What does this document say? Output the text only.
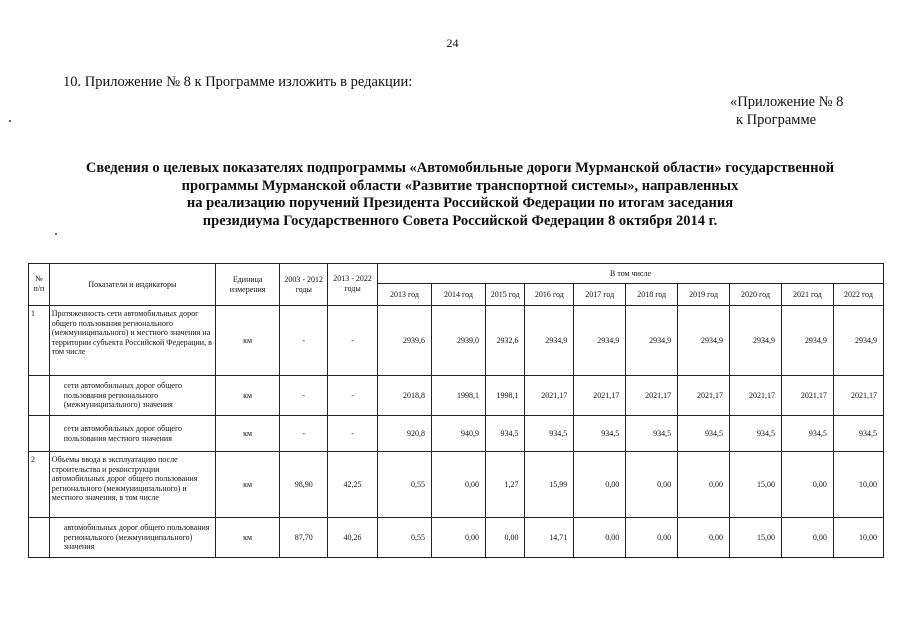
24
10. Приложение № 8 к Программе изложить в редакции:
«Приложение № 8
к Программе
Сведения о целевых показателях подпрограммы «Автомобильные дороги Мурманской области» государственной
программы Мурманской области «Развитие транспортной системы», направленных
на реализацию поручений Президента Российской Федерации по итогам заседания
президиума Государственного Совета Российской Федерации 8 октября 2014 г.
№ п/п	Показатели и индикаторы	Единица измерения	2003 - 2012 годы	2013 - 2022 годы	В том числе									
					2013 год	2014 год	2015 год	2016 год	2017 год	2018 год	2019 год	2020 год	2021 год	2022 год
1	Протяженность сети автомобильных дорог общего пользования регионального (межмуниципального) и местного значения на территории субъекта Российской Федерации, в том числе	км	-	-	2939,6	2939,0	2932,6	2934,9	2934,9	2934,9	2934,9	2934,9	2934,9	2934,9
	сети автомобильных дорог общего пользования регионального (межмуниципального) значения	км	-	-	2018,8	1998,1	1998,1	2021,17	2021,17	2021,17	2021,17	2021,17	2021,17	2021,17
	сети автомобильных дорог общего пользования местного значения	км	-	-	920,8	940,9	934,5	934,5	934,5	934,5	934,5	934,5	934,5	934,5
2	Объемы ввода в эксплуатацию после строительства и реконструкции автомобильных дорог общего пользования регионального (межмуниципального) и местного значения, в том числе	км	98,90	42,25	0,55	0,00	1,27	15,99	0,00	0,00	0,00	15,00	0,00	10,00
	автомобильных дорог общего пользования регионального (межмуниципального) значения	км	87,70	40,26	0,55	0,00	0,00	14,71	0,00	0,00	0,00	15,00	0,00	10,00
